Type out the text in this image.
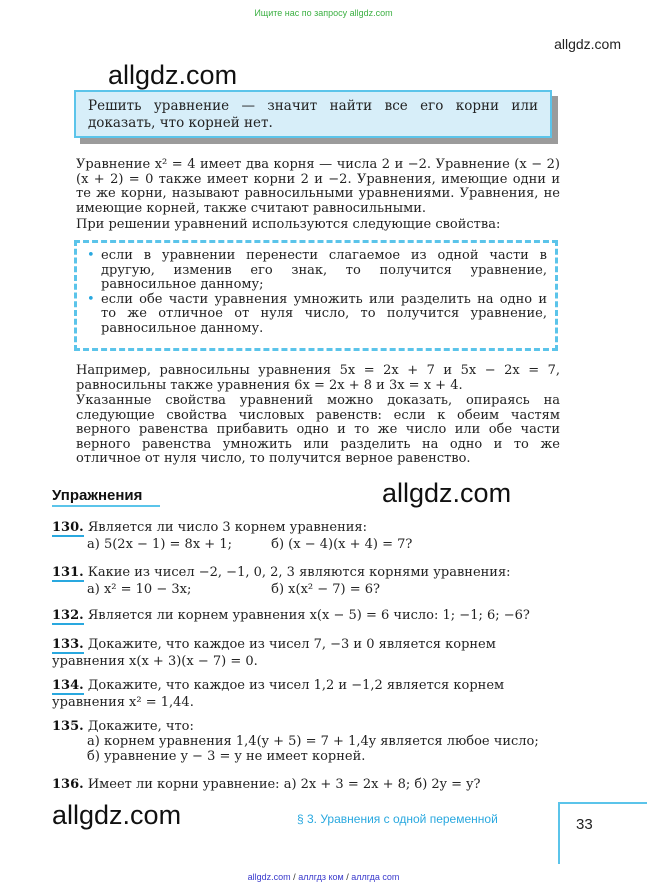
Ищите нас по запросу allgdz.com
allgdz.com
allgdz.com
Решить уравнение — значит найти все его корни или доказать, что корней нет.
Уравнение x² = 4 имеет два корня — числа 2 и −2. Уравнение (x − 2)(x + 2) = 0 также имеет корни 2 и −2. Уравнения, имеющие одни и те же корни, называют равносильными уравнениями. Уравнения, не имеющие корней, также считают равносильными.
При решении уравнений используются следующие свойства:
• если в уравнении перенести слагаемое из одной части в другую, изменив его знак, то получится уравнение, равносильное данному;
• если обе части уравнения умножить или разделить на одно и то же отличное от нуля число, то получится уравнение, равносильное данному.
Например, равносильны уравнения 5x = 2x + 7 и 5x − 2x = 7, равносильны также уравнения 6x = 2x + 8 и 3x = x + 4.
Указанные свойства уравнений можно доказать, опираясь на следующие свойства числовых равенств: если к обеим частям верного равенства прибавить одно и то же число или обе части верного равенства умножить или разделить на одно и то же отличное от нуля число, то получится верное равенство.
Упражнения	allgdz.com
130. Является ли число 3 корнем уравнения:
а) 5(2x − 1) = 8x + 1;	б) (x − 4)(x + 4) = 7?
131. Какие из чисел −2, −1, 0, 2, 3 являются корнями уравнения:
а) x² = 10 − 3x;	б) x(x² − 7) = 6?
132. Является ли корнем уравнения x(x − 5) = 6 число: 1; −1; 6; −6?
133. Докажите, что каждое из чисел 7, −3 и 0 является корнем уравнения x(x + 3)(x − 7) = 0.
134. Докажите, что каждое из чисел 1,2 и −1,2 является корнем уравнения x² = 1,44.
135. Докажите, что:
а) корнем уравнения 1,4(y + 5) = 7 + 1,4y является любое число;
б) уравнение y − 3 = y не имеет корней.
136. Имеет ли корни уравнение: а) 2x + 3 = 2x + 8; б) 2y = y?
allgdz.com	§ 3. Уравнения с одной переменной	33
allgdz.com / аллгдз ком / аллгда com
